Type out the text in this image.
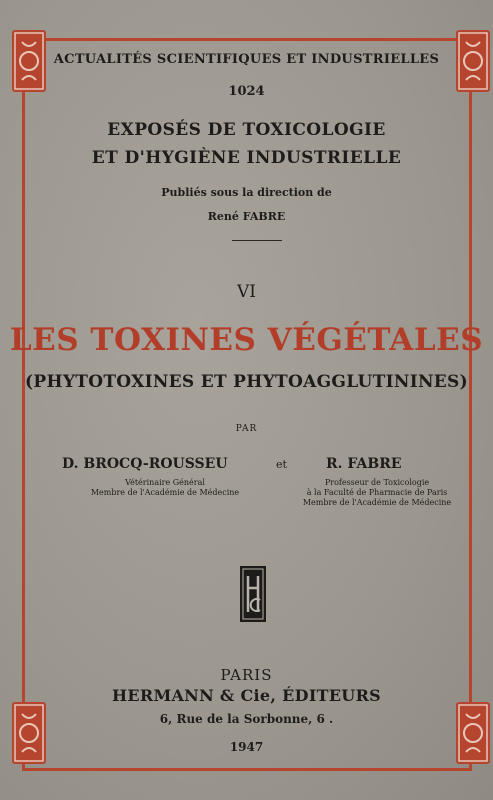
ACTUALITÉS SCIENTIFIQUES ET INDUSTRIELLES
1024
EXPOSÉS DE TOXICOLOGIE
ET D'HYGIÈNE INDUSTRIELLE
Publiés sous la direction de
René FABRE
VI
LES TOXINES VÉGÉTALES
(PHYTOTOXINES ET PHYTOAGGLUTININES)
PAR
D. BROCQ-ROUSSEU	et	R. FABRE
Vétérinaire Général
Membre de l'Académie de Médecine
Professeur de Toxicologie
à la Faculté de Pharmacie de Paris
Membre de l'Académie de Médecine
PARIS
HERMANN & Cie, ÉDITEURS
6, Rue de la Sorbonne, 6 .
1947
